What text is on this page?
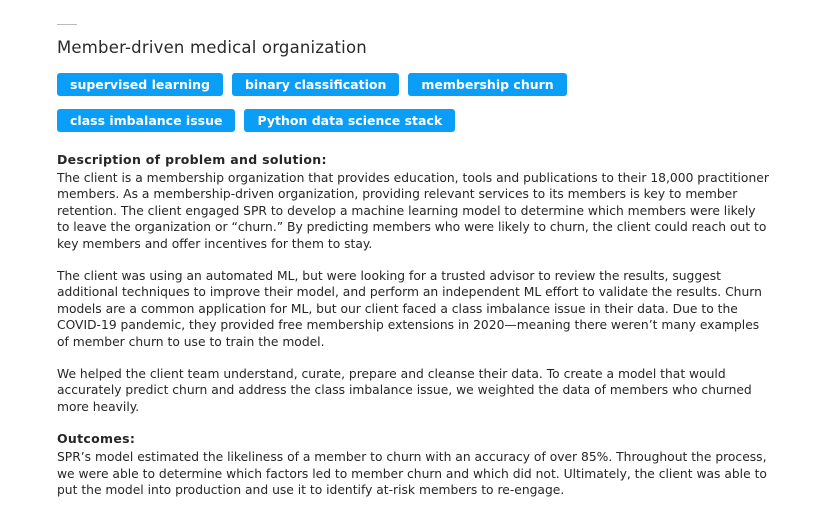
Member-driven medical organization
supervised learning	binary classification	membership churn
class imbalance issue	Python data science stack
Description of problem and solution:

The client is a membership organization that provides education, tools and publications to their 18,000 practitioner members. As a membership-driven organization, providing relevant services to its members is key to member retention. The client engaged SPR to develop a machine learning model to determine which members were likely to leave the organization or “churn.” By predicting members who were likely to churn, the client could reach out to key members and offer incentives for them to stay.

The client was using an automated ML, but were looking for a trusted advisor to review the results, suggest additional techniques to improve their model, and perform an independent ML effort to validate the results. Churn models are a common application for ML, but our client faced a class imbalance issue in their data. Due to the COVID-19 pandemic, they provided free membership extensions in 2020—meaning there weren’t many examples of member churn to use to train the model.

We helped the client team understand, curate, prepare and cleanse their data. To create a model that would accurately predict churn and address the class imbalance issue, we weighted the data of members who churned more heavily.

Outcomes:

SPR’s model estimated the likeliness of a member to churn with an accuracy of over 85%. Throughout the process, we were able to determine which factors led to member churn and which did not. Ultimately, the client was able to put the model into production and use it to identify at-risk members to re-engage.
